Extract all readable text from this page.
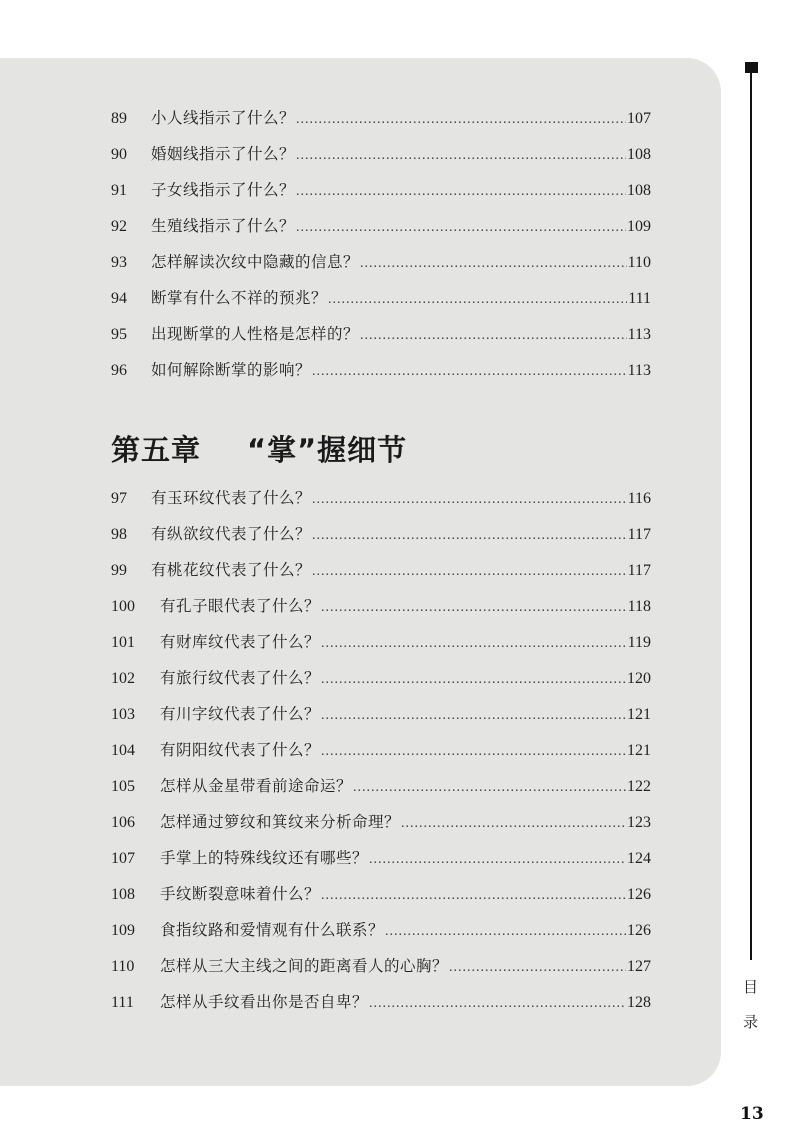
89	小人线指示了什么？ .....	107
90	婚姻线指示了什么？ .....	108
91	子女线指示了什么？ .....	108
92	生殖线指示了什么？ .....	109
93	怎样解读次纹中隐藏的信息？ .....	110
94	断掌有什么不祥的预兆？ .....	111
95	出现断掌的人性格是怎样的？ .....	113
96	如何解除断掌的影响？ .....	113
第五章 “掌”握细节
97	有玉环纹代表了什么？ .....	116
98	有纵欲纹代表了什么？ .....	117
99	有桃花纹代表了什么？ .....	117
100	有孔子眼代表了什么？ .....	118
101	有财库纹代表了什么？ .....	119
102	有旅行纹代表了什么？ .....	120
103	有川字纹代表了什么？ .....	121
104	有阴阳纹代表了什么？ .....	121
105	怎样从金星带看前途命运？ .....	122
106	怎样通过箩纹和箕纹来分析命理？ .....	123
107	手掌上的特殊线纹还有哪些？ .....	124
108	手纹断裂意味着什么？ .....	126
109	食指纹路和爱情观有什么联系？ .....	126
110	怎样从三大主线之间的距离看人的心胸？ .....	127
111	怎样从手纹看出你是否自卑？ .....	128
目
录
13
